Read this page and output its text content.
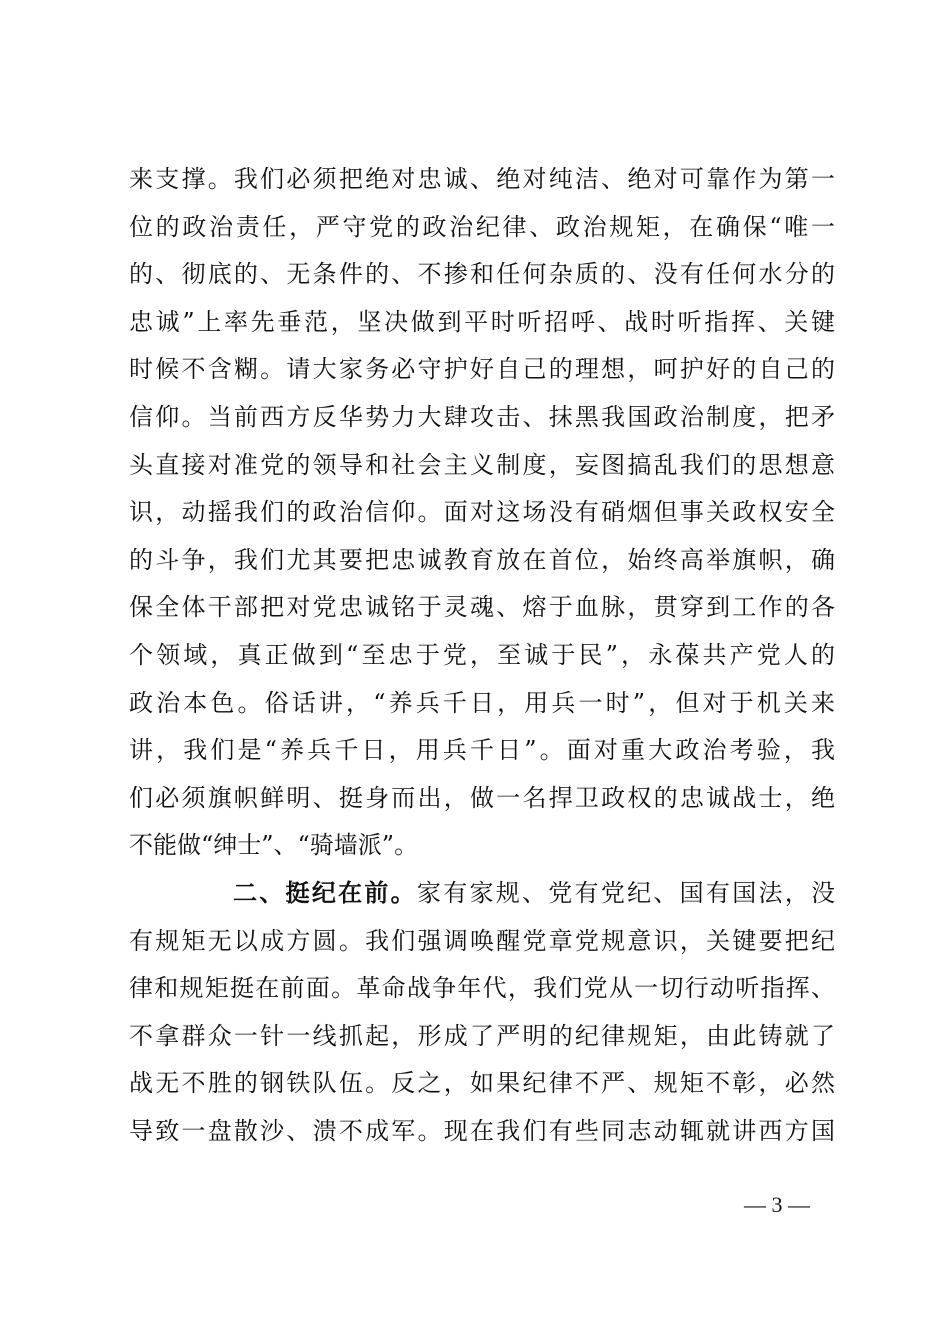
来支撑。我们必须把绝对忠诚、绝对纯洁、绝对可靠作为第一
位的政治责任，严守党的政治纪律、政治规矩，在确保“唯一
的、彻底的、无条件的、不掺和任何杂质的、没有任何水分的
忠诚”上率先垂范，坚决做到平时听招呼、战时听指挥、关键
时候不含糊。请大家务必守护好自己的理想，呵护好的自己的
信仰。当前西方反华势力大肆攻击、抹黑我国政治制度，把矛
头直接对准党的领导和社会主义制度，妄图搞乱我们的思想意
识，动摇我们的政治信仰。面对这场没有硝烟但事关政权安全
的斗争，我们尤其要把忠诚教育放在首位，始终高举旗帜，确
保全体干部把对党忠诚铭于灵魂、熔于血脉，贯穿到工作的各
个领域，真正做到“至忠于党，至诚于民”，永葆共产党人的
政治本色。俗话讲，“养兵千日，用兵一时”，但对于机关来
讲，我们是“养兵千日，用兵千日”。面对重大政治考验，我
们必须旗帜鲜明、挺身而出，做一名捍卫政权的忠诚战士，绝
不能做“绅士”、“骑墙派”。
二、挺纪在前。家有家规、党有党纪、国有国法，没
有规矩无以成方圆。我们强调唤醒党章党规意识，关键要把纪
律和规矩挺在前面。革命战争年代，我们党从一切行动听指挥、
不拿群众一针一线抓起，形成了严明的纪律规矩，由此铸就了
战无不胜的钢铁队伍。反之，如果纪律不严、规矩不彰，必然
导致一盘散沙、溃不成军。现在我们有些同志动辄就讲西方国
— 3 —
